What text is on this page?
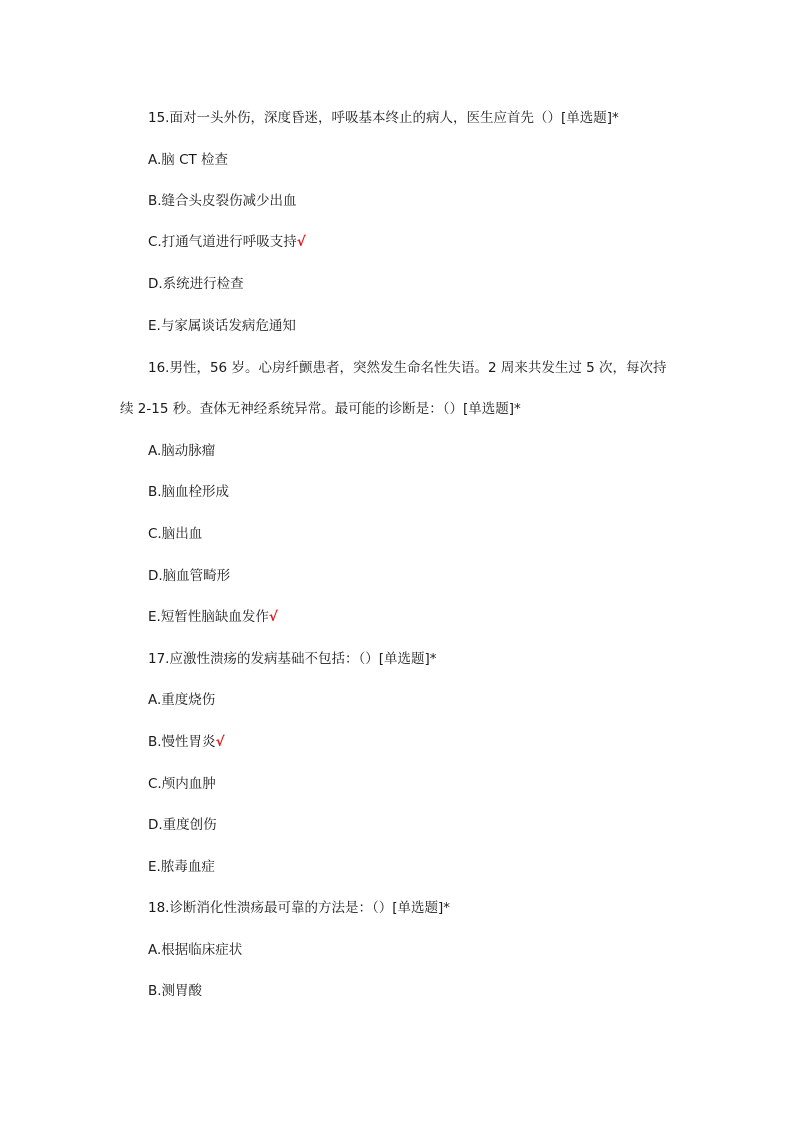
15.面对一头外伤，深度昏迷，呼吸基本终止的病人，医生应首先（）[单选题]*
A.脑 CT 检查
B.缝合头皮裂伤减少出血
C.打通气道进行呼吸支持√
D.系统进行检查
E.与家属谈话发病危通知
16.男性，56 岁。心房纤颤患者，突然发生命名性失语。2 周来共发生过 5 次，每次持
续 2-15 秒。查体无神经系统异常。最可能的诊断是：（）[单选题]*
A.脑动脉瘤
B.脑血栓形成
C.脑出血
D.脑血管畸形
E.短暂性脑缺血发作√
17.应激性溃疡的发病基础不包括：（）[单选题]*
A.重度烧伤
B.慢性胃炎√
C.颅内血肿
D.重度创伤
E.脓毒血症
18.诊断消化性溃疡最可靠的方法是：（）[单选题]*
A.根据临床症状
B.测胃酸
